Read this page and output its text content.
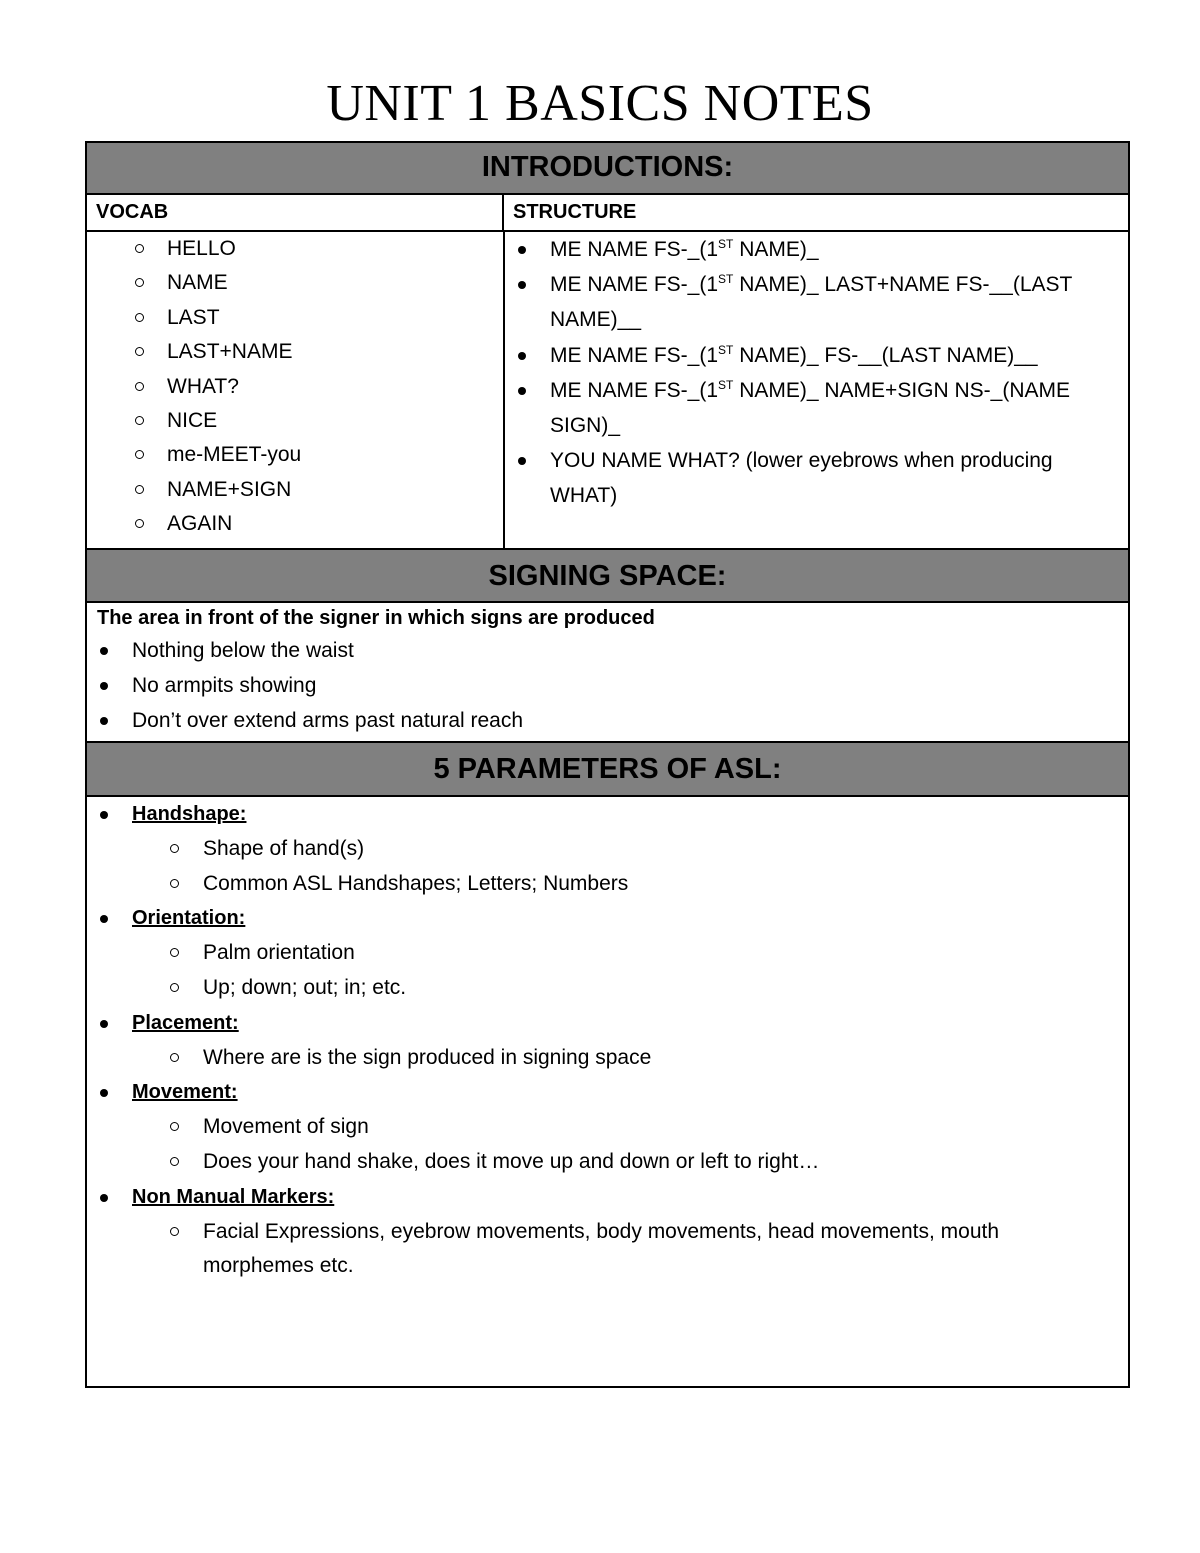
UNIT 1 BASICS NOTES
INTRODUCTIONS:
VOCAB	STRUCTURE
HELLO
NAME
LAST
LAST+NAME
WHAT?
NICE
me-MEET-you
NAME+SIGN
AGAIN
ME NAME FS-_(1ST NAME)_
ME NAME FS-_(1ST NAME)_ LAST+NAME FS-__(LAST NAME)__
ME NAME FS-_(1ST NAME)_ FS-__(LAST NAME)__
ME NAME FS-_(1ST NAME)_ NAME+SIGN NS-_(NAME SIGN)_
YOU NAME WHAT? (lower eyebrows when producing WHAT)
SIGNING SPACE:
The area in front of the signer in which signs are produced
Nothing below the waist
No armpits showing
Don’t over extend arms past natural reach
5 PARAMETERS OF ASL:
Handshape:
Shape of hand(s)
Common ASL Handshapes; Letters; Numbers
Orientation:
Palm orientation
Up; down; out; in; etc.
Placement:
Where are is the sign produced in signing space
Movement:
Movement of sign
Does your hand shake, does it move up and down or left to right…
Non Manual Markers:
Facial Expressions, eyebrow movements, body movements, head movements, mouth morphemes etc.
